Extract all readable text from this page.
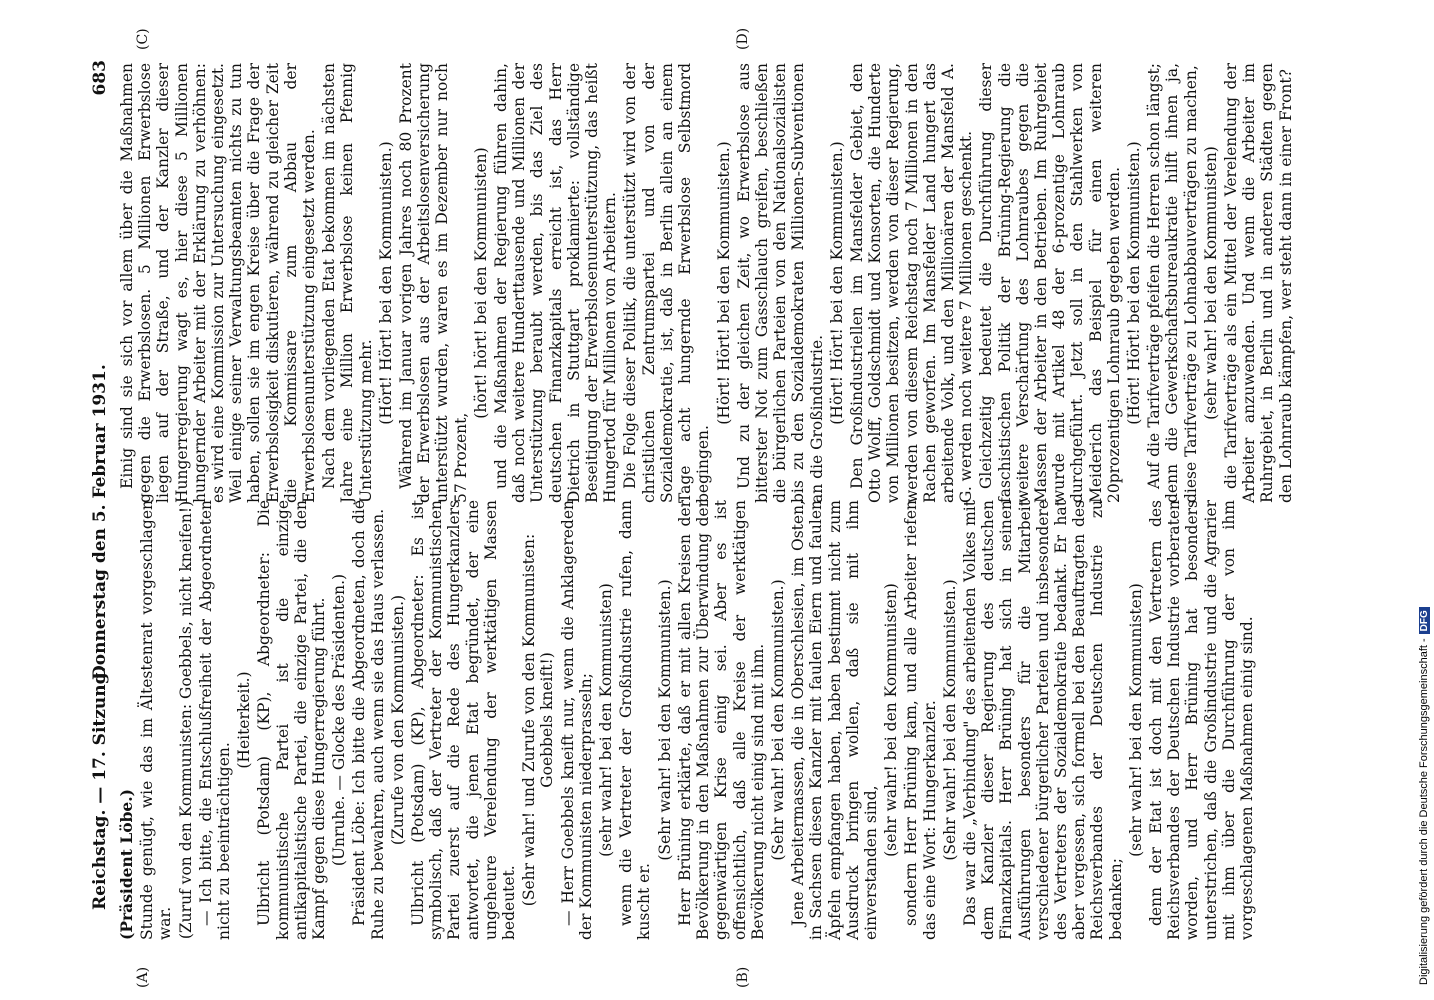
Reichstag. — 17. Sitzung.
Donnerstag den 5. Februar 1931.
683
(A)	(B)
(C)	(D)

(Präsident Löbe.) Stunde genügt, wie das im Ältestenrat vorgeschlagen war. (Zuruf von den Kommunisten: Goebbels, nicht kneifen!) — Ich bitte, die Entschlußfreiheit der Abgeordneten nicht zu beeinträchtigen.

(Heiterkeit.) Ulbricht (Potsdam) (KP), Abgeordneter: Die kommunistische Partei ist die einzige antikapitalistische Partei, die einzige Partei, die den Kampf gegen diese Hungerregierung führt. (Unruhe. — Glocke des Präsidenten.) Präsident Löbe: Ich bitte die Abgeordneten, doch die Ruhe zu bewahren, auch wenn sie das Haus verlassen. (Zurufe von den Kommunisten.) Ulbricht (Potsdam) (KP), Abgeordneter: Es ist symbolisch, daß der Vertreter der Kommunistischen Partei zuerst auf die Rede des Hungerkanzlers antwortet, die jenen Etat begründet, der eine ungeheure Verelendung der werktätigen Massen bedeutet. (Sehr wahr! und Zurufe von den Kommunisten: Goebbels kneift!) — Herr Goebbels kneift nur, wenn die Anklagereden der Kommunisten niederprasseln; (sehr wahr! bei den Kommunisten) wenn die Vertreter der Großindustrie rufen, dann kuscht er.

(Sehr wahr! bei den Kommunisten.) Herr Brüning erklärte, daß er mit allen Kreisen der Bevölkerung in den Maßnahmen zur Überwindung der gegenwärtigen Krise einig sei. Aber es ist offensichtlich, daß alle Kreise der werktätigen Bevölkerung nicht einig sind mit ihm. (Sehr wahr! bei den Kommunisten.) Jene Arbeitermassen, die in Oberschlesien, im Osten, in Sachsen diesen Kanzler mit faulen Eiern und faulen Äpfeln empfangen haben, haben bestimmt nicht zum Ausdruck bringen wollen, daß sie mit ihm einverstanden sind,

(sehr wahr! bei den Kommunisten) sondern Herr Brüning kam, und alle Arbeiter riefen das eine Wort: Hungerkanzler. (Sehr wahr! bei den Kommunisten.) Das war die „Verbindung" des arbeitenden Volkes mit dem Kanzler dieser Regierung des deutschen Finanzkapitals. Herr Brüning hat sich in seinen Ausführungen besonders für die Mitarbeit verschiedener bürgerlicher Parteien und insbesondere des Vertreters der Sozialdemokratie bedankt. Er hat aber vergessen, sich formell bei den Beauftragten des Reichsverbandes der Deutschen Industrie zu bedanken;

(sehr wahr! bei den Kommunisten) denn der Etat ist doch mit den Vertretern des Reichsverbandes der Deutschen Industrie vorberaten worden, und Herr Brüning hat besonders unterstrichen, daß die Großindustrie und die Agrarier mit ihm über die Durchführung der von ihm vorgeschlagenen Maßnahmen einig sind.

Einig sind sie sich vor allem über die Maßnahmen gegen die Erwerbslosen. 5 Millionen Erwerbslose liegen auf der Straße, und der Kanzler dieser Hungerregierung wagt es, hier diese 5 Millionen hungernder Arbeiter mit der Erklärung zu verhöhnen: es wird eine Kommission zur Untersuchung eingesetzt. Weil einige seiner Verwaltungsbeamten nichts zu tun haben, sollen sie im engen Kreise über die Frage der Erwerbslosigkeit diskutieren, während zu gleicher Zeit die Kommissare zum Abbau der Erwerbslosenunterstützung eingesetzt werden. Nach dem vorliegenden Etat bekommen im nächsten Jahre eine Million Erwerbslose keinen Pfennig Unterstützung mehr. (Hört! Hört! bei den Kommunisten.) Während im Januar vorigen Jahres noch 80 Prozent der Erwerbslosen aus der Arbeitslosenversicherung unterstützt wurden, waren es im Dezember nur noch 57 Prozent,

(hört! hört! bei den Kommunisten) und die Maßnahmen der Regierung führen dahin, daß noch weitere Hunderttausende und Millionen der Unterstützung beraubt werden, bis das Ziel des deutschen Finanzkapitals erreicht ist, das Herr Dietrich in Stuttgart proklamierte: vollständige Beseitigung der Erwerbslosenunterstützung, das heißt Hungertod für Millionen von Arbeitern. Die Folge dieser Politik, die unterstützt wird von der christlichen Zentrumspartei und von der Sozialdemokratie, ist, daß in Berlin allein an einem Tage acht hungernde Erwerbslose Selbstmord begingen.

(Hört! Hört! bei den Kommunisten.) Und zu der gleichen Zeit, wo Erwerbslose aus bitterster Not zum Gasschlauch greifen, beschließen die bürgerlichen Parteien von den Nationalsozialisten bis zu den Sozialdemokraten Millionen-Subventionen an die Großindustrie. (Hört! Hört! bei den Kommunisten.) Den Großindustriellen im Mansfelder Gebiet, den Otto Wolff, Goldschmidt und Konsorten, die Hunderte von Millionen besitzen, werden von dieser Regierung, werden von diesem Reichstag noch 7 Millionen in den Rachen geworfen. Im Mansfelder Land hungert das arbeitende Volk, und den Millionären der Mansfeld A. G. werden noch weitere 7 Millionen geschenkt. Gleichzeitig bedeutet die Durchführung dieser faschistischen Politik der Brüning-Regierung die weitere Verschärfung des Lohnraubes gegen die Massen der Arbeiter in den Betrieben. Im Ruhrgebiet wurde mit Artikel 48 der 6-prozentige Lohnraub durchgeführt. Jetzt soll in den Stahlwerken von Meiderich das Beispiel für einen weiteren 20prozentigen Lohnraub gegeben werden. (Hört! Hört! bei den Kommunisten.) Auf die Tarifverträge pfeifen die Herren schon längst; denn die Gewerkschaftsbureaukratie hilft ihnen ja, diese Tarifverträge zu Lohnabbauverträgen zu machen, (sehr wahr! bei den Kommunisten) die Tarifverträge als ein Mittel der Verelendung der Arbeiter anzuwenden. Und wenn die Arbeiter im Ruhrgebiet, in Berlin und in anderen Städten gegen den Lohnraub kämpfen, wer steht dann in einer Front?

Digitalisierung gefördert durch die Deutsche Forschungsgemeinschaft -DFG
